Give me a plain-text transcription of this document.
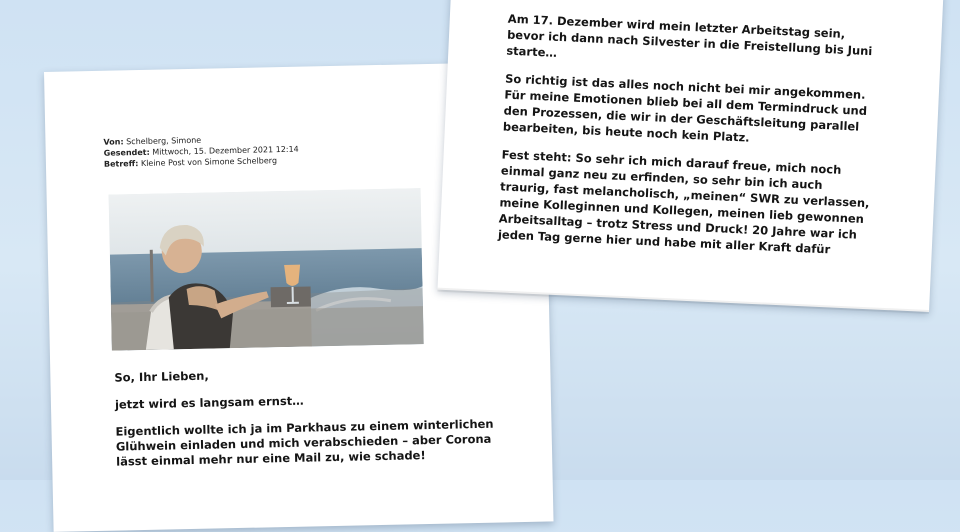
Von: Schelberg, Simone
Gesendet: Mittwoch, 15. Dezember 2021 12:14
Betreff: Kleine Post von Simone Schelberg

So, Ihr Lieben,

jetzt wird es langsam ernst…

Eigentlich wollte ich ja im Parkhaus zu einem winterlichen Glühwein einladen und mich verabschieden – aber Corona lässt einmal mehr nur eine Mail zu, wie schade!

Am 17. Dezember wird mein letzter Arbeitstag sein, bevor ich dann nach Silvester in die Freistellung bis Juni starte…

So richtig ist das alles noch nicht bei mir angekommen. Für meine Emotionen blieb bei all dem Termindruck und den Prozessen, die wir in der Geschäftsleitung parallel bearbeiten, bis heute noch kein Platz.

Fest steht: So sehr ich mich darauf freue, mich noch einmal ganz neu zu erfinden, so sehr bin ich auch traurig, fast melancholisch, „meinen“ SWR zu verlassen, meine Kolleginnen und Kollegen, meinen lieb gewonnen Arbeitsalltag – trotz Stress und Druck! 20 Jahre war ich jeden Tag gerne hier und habe mit aller Kraft dafür
